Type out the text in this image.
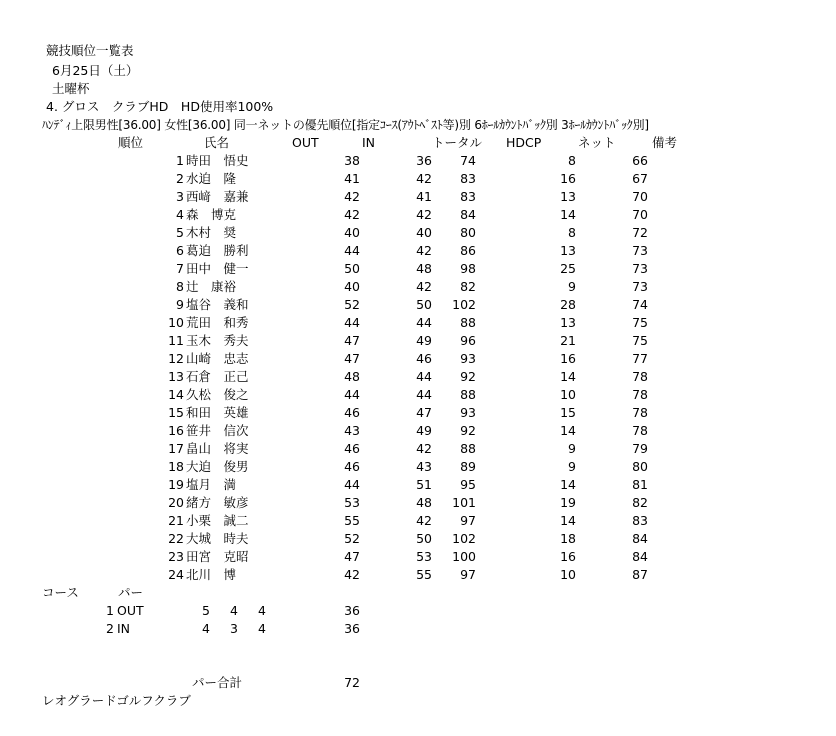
競技順位一覧表
6月25日（土）
土曜杯
4. グロス　クラブHD　HD使用率100%
ﾊﾝﾃﾞｨ上限男性[36.00] 女性[36.00] 同一ネットの優先順位[指定ｺｰｽ(ｱｳﾄﾍﾞｽﾄ等)別 6ﾎｰﾙｶｳﾝﾄﾊﾞｯｸ別 3ﾎｰﾙｶｳﾝﾄﾊﾞｯｸ別]
順位	氏名	OUT	IN	トータル HDCP	ネット	備考
1 時田　悟史	38	36	74	8	66
2 水迫　隆	41	42	83	16	67
3 西﨑　嘉兼	42	41	83	13	70
4 森　博克	42	42	84	14	70
5 木村　奨	40	40	80	8	72
6 葛迫　勝利	44	42	86	13	73
7 田中　健一	50	48	98	25	73
8 辻　康裕	40	42	82	9	73
9 塩谷　義和	52	50	102	28	74
10 荒田　和秀	44	44	88	13	75
11 玉木　秀夫	47	49	96	21	75
12 山崎　忠志	47	46	93	16	77
13 石倉　正己	48	44	92	14	78
14 久松　俊之	44	44	88	10	78
15 和田　英雄	46	47	93	15	78
16 笹井　信次	43	49	92	14	78
17 畠山　将実	46	42	88	9	79
18 大迫　俊男	46	43	89	9	80
19 塩月　満	44	51	95	14	81
20 緒方　敏彦	53	48	101	19	82
21 小栗　誠二	55	42	97	14	83
22 大城　時夫	52	50	102	18	84
23 田宮　克昭	47	53	100	16	84
24 北川　博	42	55	97	10	87
コース	パー
1 OUT	5	4	4	36
2 IN	4	3	4	36
パー合計	72
レオグラードゴルフクラブ
